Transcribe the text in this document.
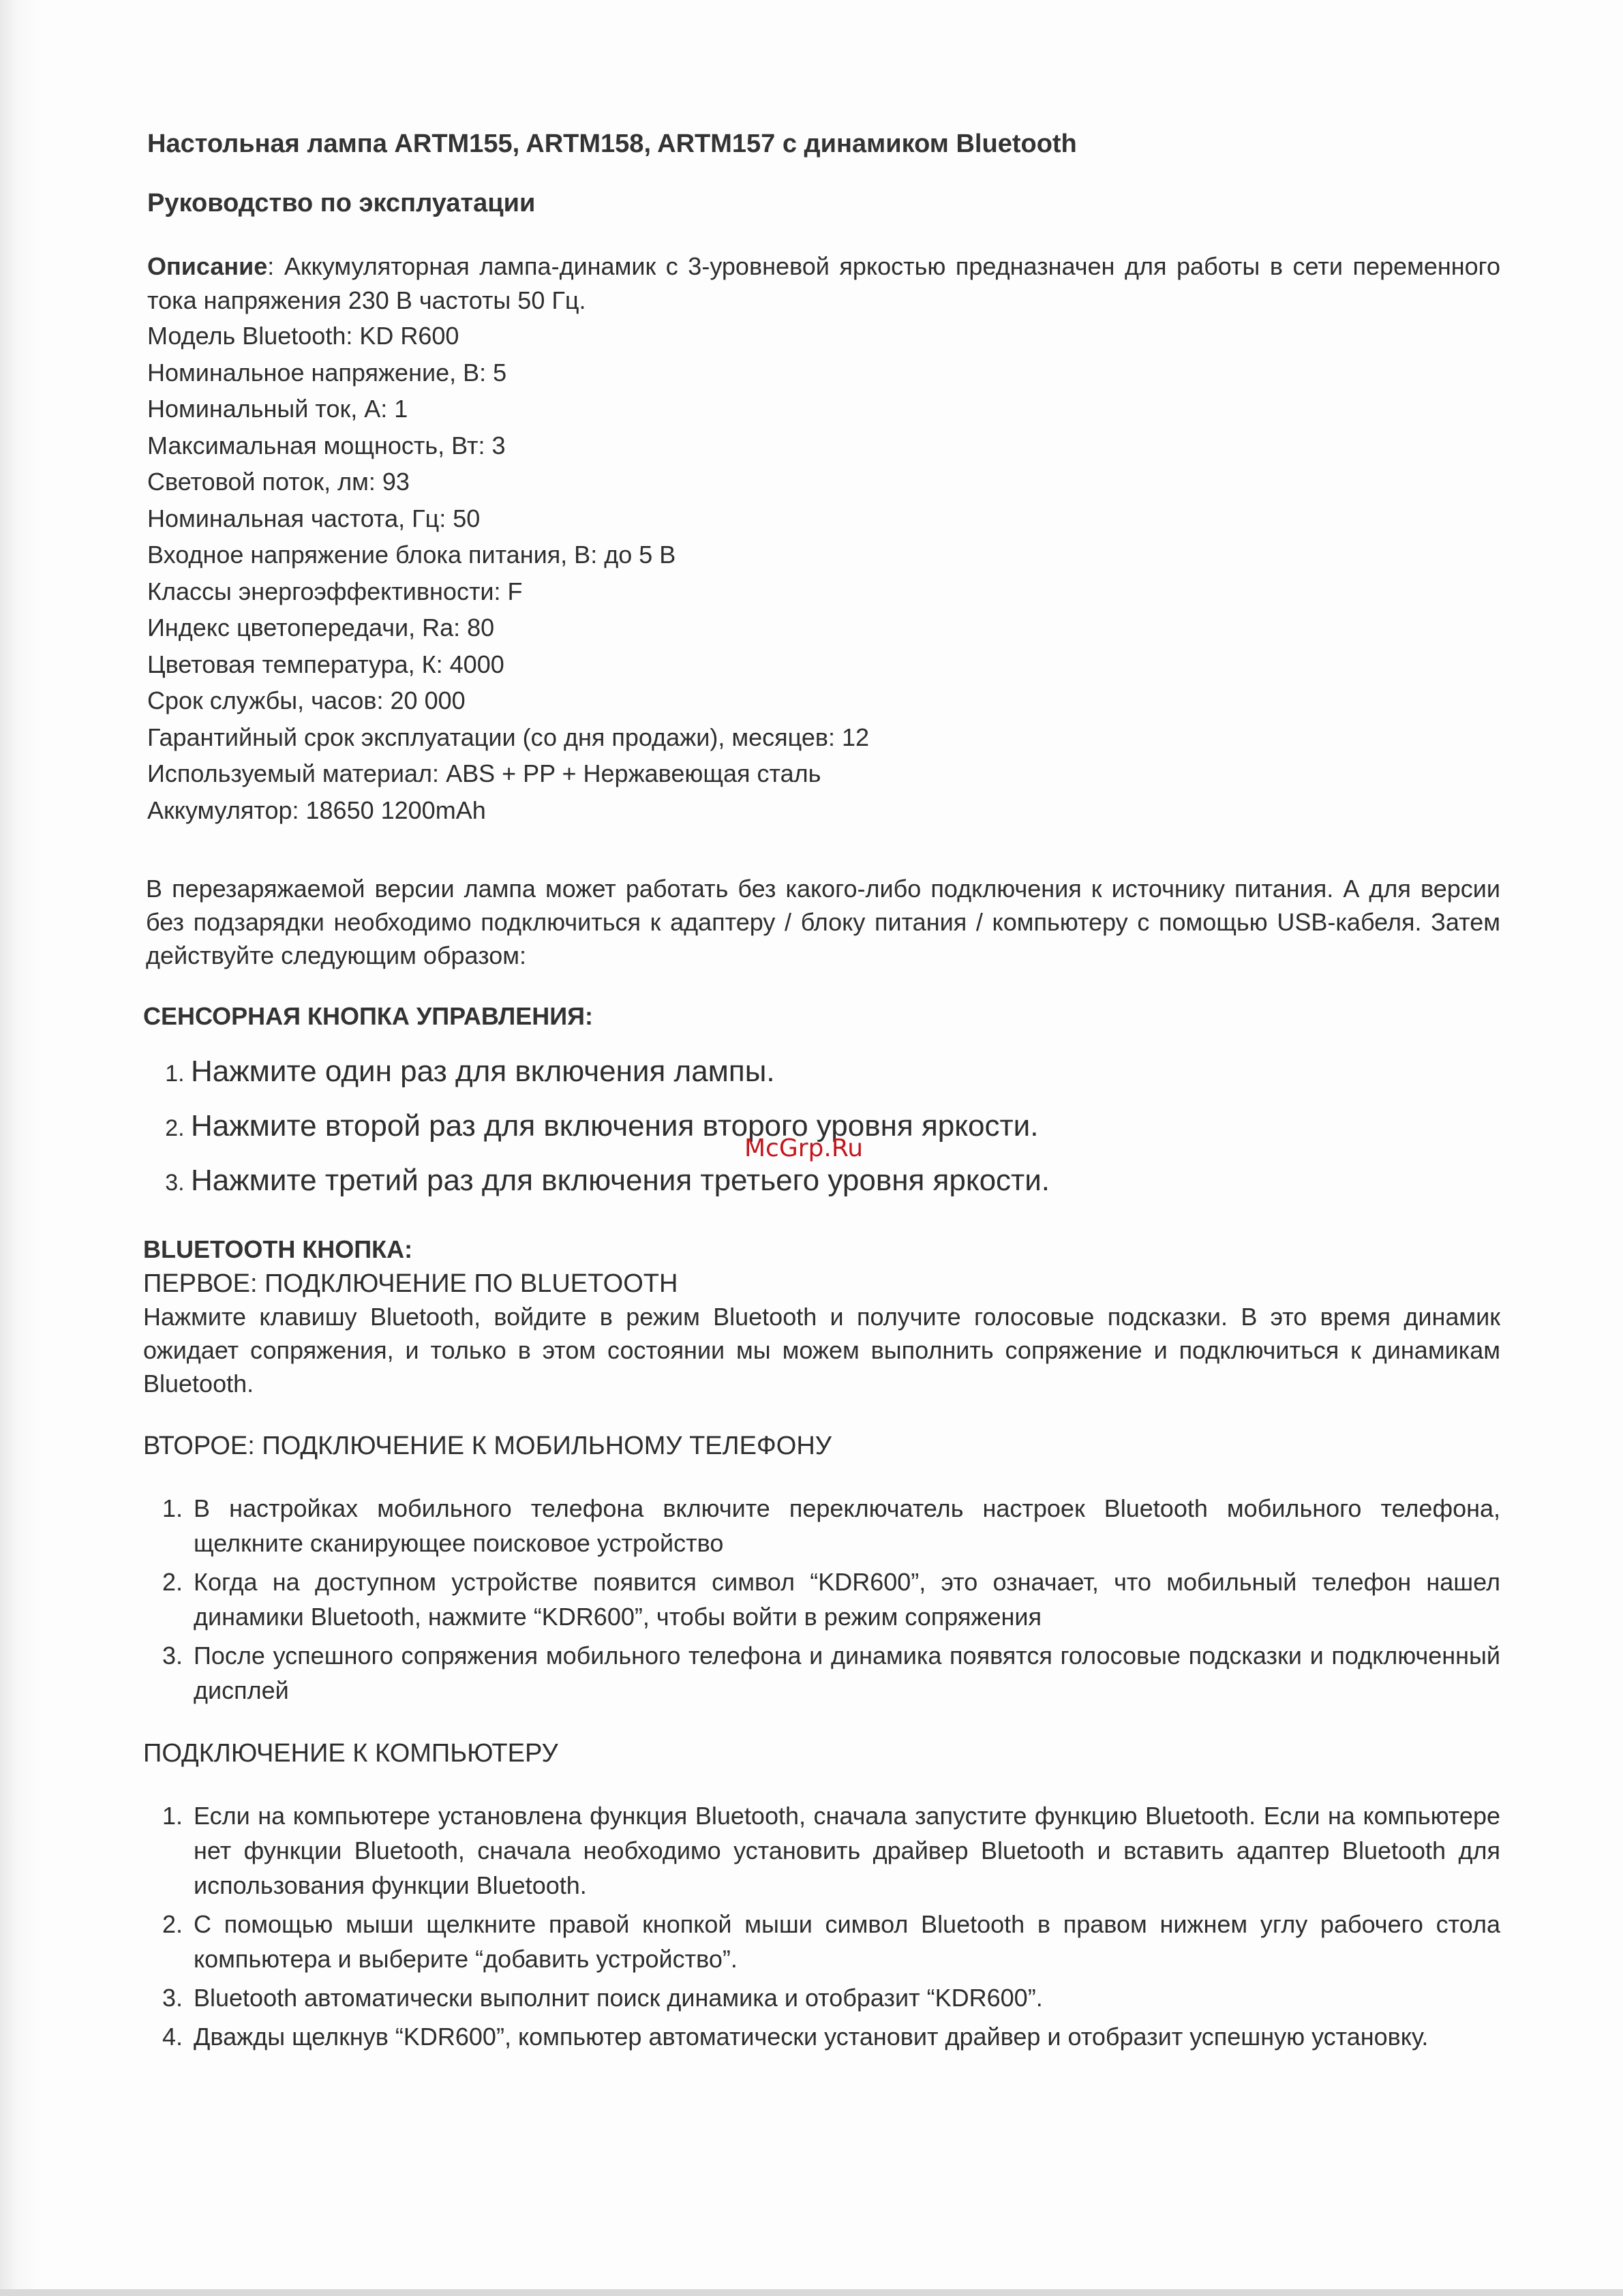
Настольная лампа ARTM155, ARTM158, ARTM157 с динамиком Bluetooth
Руководство по эксплуатации

Описание: Аккумуляторная лампа-динамик с 3-уровневой яркостью предназначен для работы в сети переменного тока напряжения 230 В частоты 50 Гц.

Модель Bluetooth: KD R600
Номинальное напряжение, В: 5
Номинальный ток, А: 1
Максимальная мощность, Вт: 3
Световой поток, лм: 93
Номинальная частота, Гц: 50
Входное напряжение блока питания, В: до 5 В
Классы энергоэффективности: F
Индекс цветопередачи, Ra: 80
Цветовая температура, К: 4000
Срок службы, часов: 20 000
Гарантийный срок эксплуатации (со дня продажи), месяцев: 12
Используемый материал: ABS + PP + Нержавеющая сталь
Аккумулятор: 18650 1200mAh

В перезаряжаемой версии лампа может работать без какого-либо подключения к источнику питания. А для версии без подзарядки необходимо подключиться к адаптеру / блоку питания / компьютеру с помощью USB-кабеля. Затем действуйте следующим образом:

СЕНСОРНАЯ КНОПКА УПРАВЛЕНИЯ:
1. Нажмите один раз для включения лампы.
2. Нажмите второй раз для включения второго уровня яркости.
3. Нажмите третий раз для включения третьего уровня яркости.
BLUETOOTH КНОПКА:
ПЕРВОЕ: ПОДКЛЮЧЕНИЕ ПО BLUETOOTH

Нажмите клавишу Bluetooth, войдите в режим Bluetooth и получите голосовые подсказки. В это время динамик ожидает сопряжения, и только в этом состоянии мы можем выполнить сопряжение и подключиться к динамикам Bluetooth.

ВТОРОЕ: ПОДКЛЮЧЕНИЕ К МОБИЛЬНОМУ ТЕЛЕФОНУ
1. В настройках мобильного телефона включите переключатель настроек Bluetooth мобильного телефона, щелкните сканирующее поисковое устройство
2. Когда на доступном устройстве появится символ “KDR600”, это означает, что мобильный телефон нашел динамики Bluetooth, нажмите “KDR600”, чтобы войти в режим сопряжения
3. После успешного сопряжения мобильного телефона и динамика появятся голосовые подсказки и подключенный дисплей
ПОДКЛЮЧЕНИЕ К КОМПЬЮТЕРУ
1. Если на компьютере установлена функция Bluetooth, сначала запустите функцию Bluetooth. Если на компьютере нет функции Bluetooth, сначала необходимо установить драйвер Bluetooth и вставить адаптер Bluetooth для использования функции Bluetooth.
2. С помощью мыши щелкните правой кнопкой мыши символ Bluetooth в правом нижнем углу рабочего стола компьютера и выберите “добавить устройство”.
3. Bluetooth автоматически выполнит поиск динамика и отобразит “KDR600”.
4. Дважды щелкнув “KDR600”, компьютер автоматически установит драйвер и отобразит успешную установку.
McGrp.Ru
